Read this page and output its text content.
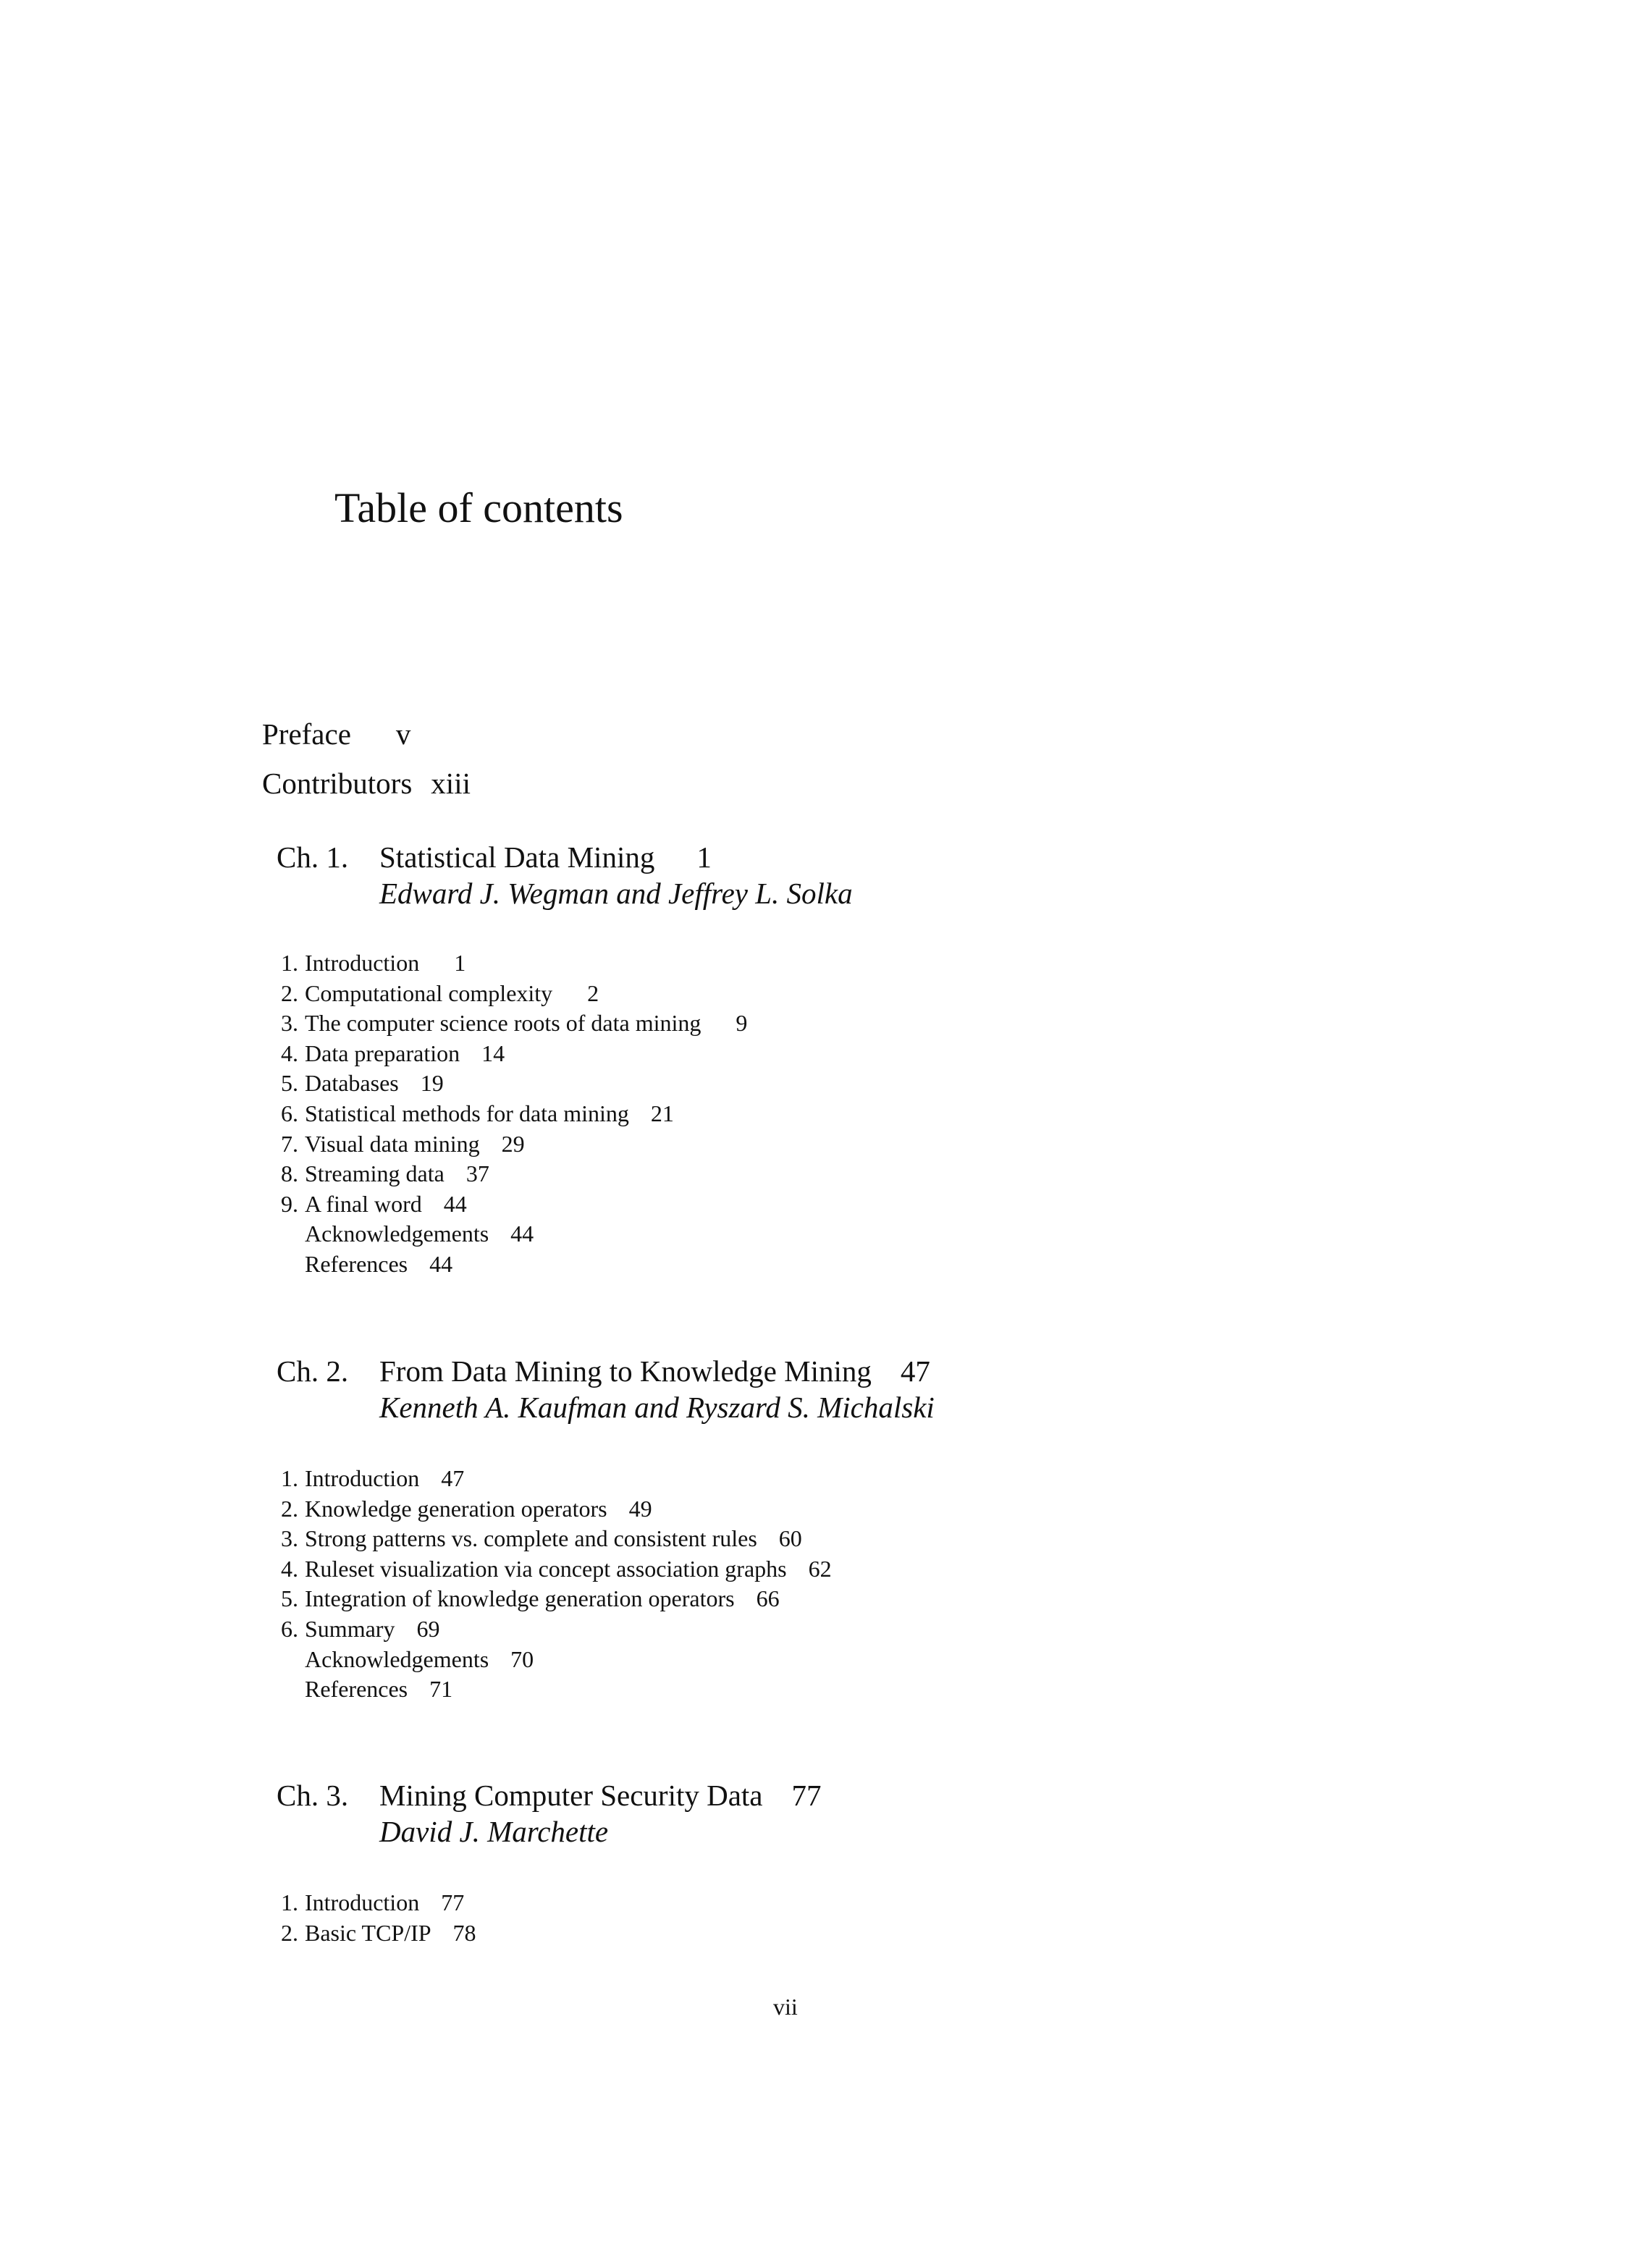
Table of contents
Preface v
Contributors xiii
Ch. 1. Statistical Data Mining 1
Edward J. Wegman and Jeffrey L. Solka
1. Introduction 1
2. Computational complexity 2
3. The computer science roots of data mining 9
4. Data preparation 14
5. Databases 19
6. Statistical methods for data mining 21
7. Visual data mining 29
8. Streaming data 37
9. A final word 44
Acknowledgements 44
References 44
Ch. 2. From Data Mining to Knowledge Mining 47
Kenneth A. Kaufman and Ryszard S. Michalski
1. Introduction 47
2. Knowledge generation operators 49
3. Strong patterns vs. complete and consistent rules 60
4. Ruleset visualization via concept association graphs 62
5. Integration of knowledge generation operators 66
6. Summary 69
Acknowledgements 70
References 71
Ch. 3. Mining Computer Security Data 77
David J. Marchette
1. Introduction 77
2. Basic TCP/IP 78
vii
